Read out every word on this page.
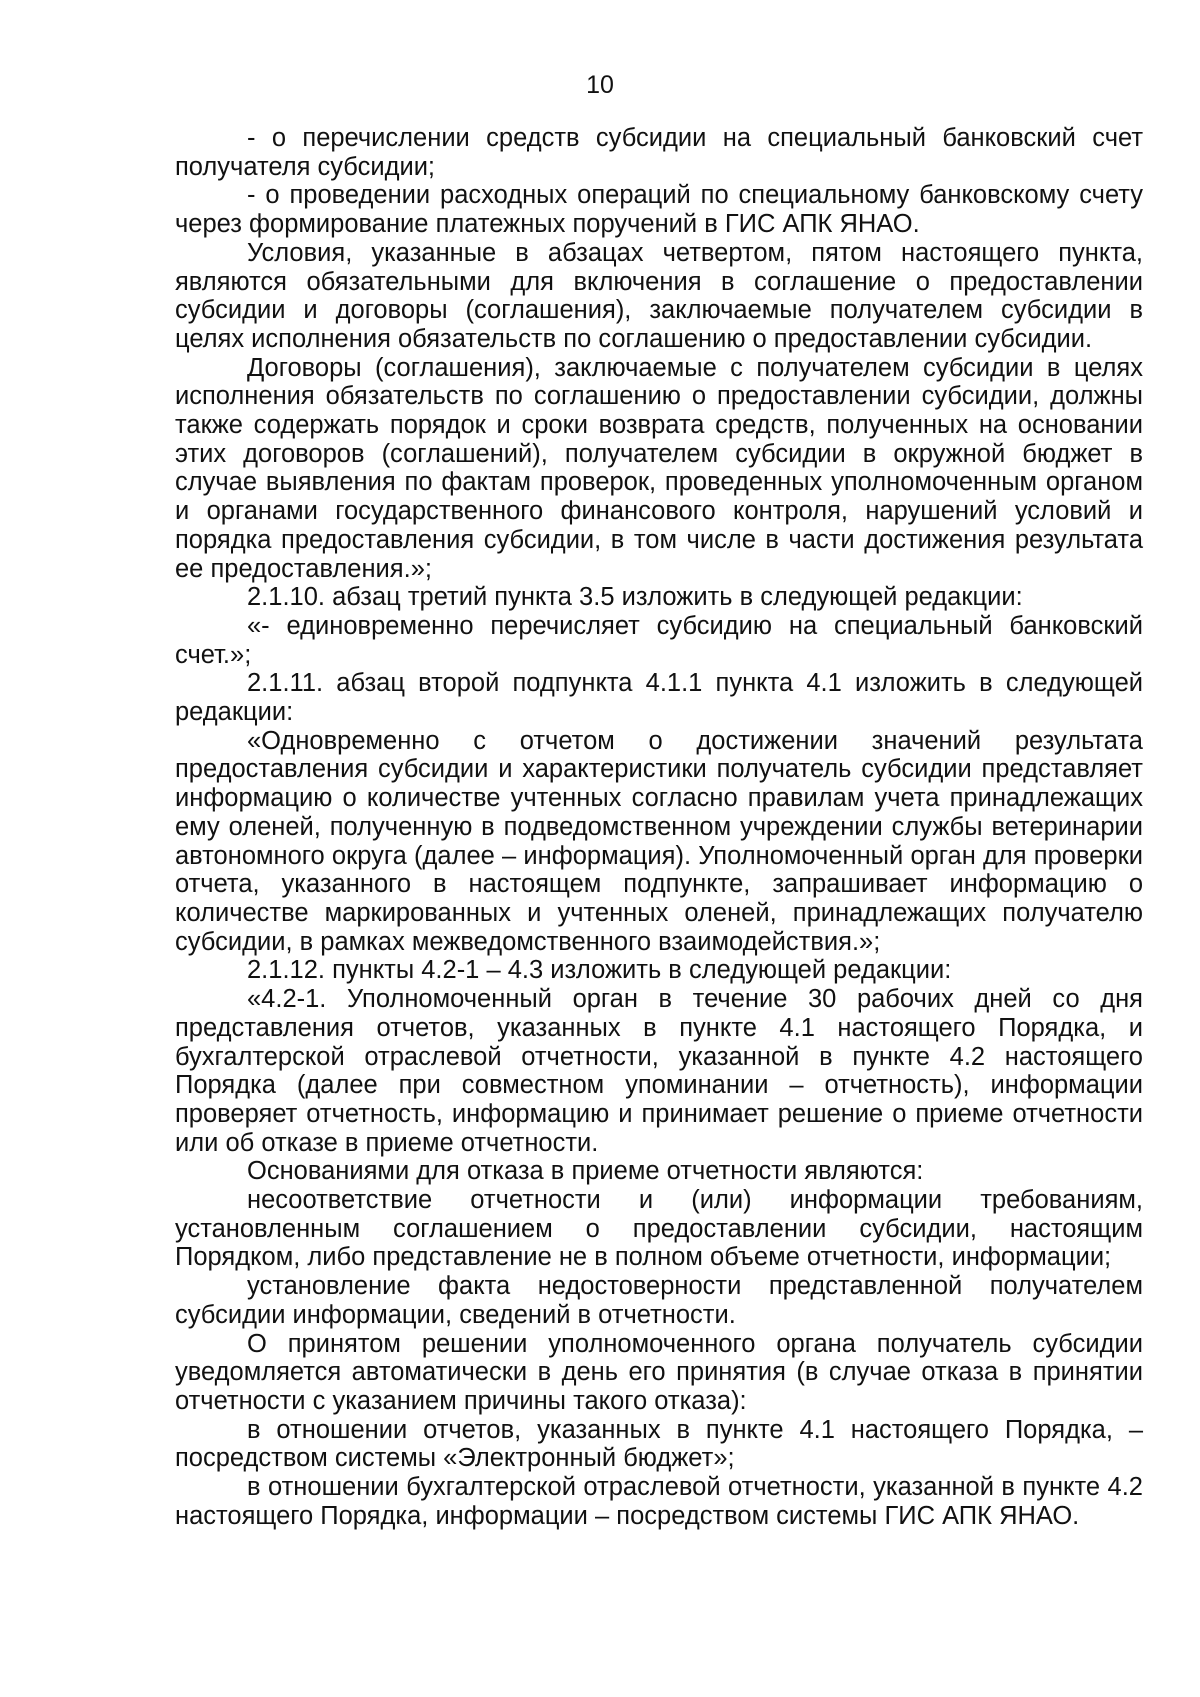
10

- о перечислении средств субсидии на специальный банковский счет получателя субсидии;

- о проведении расходных операций по специальному банковскому счету через формирование платежных поручений в ГИС АПК ЯНАО.

Условия, указанные в абзацах четвертом, пятом настоящего пункта, являются обязательными для включения в соглашение о предоставлении субсидии и договоры (соглашения), заключаемые получателем субсидии в целях исполнения обязательств по соглашению о предоставлении субсидии.

Договоры (соглашения), заключаемые с получателем субсидии в целях исполнения обязательств по соглашению о предоставлении субсидии, должны также содержать порядок и сроки возврата средств, полученных на основании этих договоров (соглашений), получателем субсидии в окружной бюджет в случае выявления по фактам проверок, проведенных уполномоченным органом и органами государственного финансового контроля, нарушений условий и порядка предоставления субсидии, в том числе в части достижения результата ее предоставления.»;

2.1.10. абзац третий пункта 3.5 изложить в следующей редакции:

«- единовременно перечисляет субсидию на специальный банковский счет.»;

2.1.11. абзац второй подпункта 4.1.1 пункта 4.1 изложить в следующей редакции:

«Одновременно с отчетом о достижении значений результата предоставления субсидии и характеристики получатель субсидии представляет информацию о количестве учтенных согласно правилам учета принадлежащих ему оленей, полученную в подведомственном учреждении службы ветеринарии автономного округа (далее – информация). Уполномоченный орган для проверки отчета, указанного в настоящем подпункте, запрашивает информацию о количестве маркированных и учтенных оленей, принадлежащих получателю субсидии, в рамках межведомственного взаимодействия.»;

2.1.12. пункты 4.2-1 – 4.3 изложить в следующей редакции:

«4.2-1. Уполномоченный орган в течение 30 рабочих дней со дня представления отчетов, указанных в пункте 4.1 настоящего Порядка, и бухгалтерской отраслевой отчетности, указанной в пункте 4.2 настоящего Порядка (далее при совместном упоминании – отчетность), информации проверяет отчетность, информацию и принимает решение о приеме отчетности или об отказе в приеме отчетности.

Основаниями для отказа в приеме отчетности являются:

несоответствие отчетности и (или) информации требованиям, установленным соглашением о предоставлении субсидии, настоящим Порядком, либо представление не в полном объеме отчетности, информации;

установление факта недостоверности представленной получателем субсидии информации, сведений в отчетности.

О принятом решении уполномоченного органа получатель субсидии уведомляется автоматически в день его принятия (в случае отказа в принятии отчетности с указанием причины такого отказа):

в отношении отчетов, указанных в пункте 4.1 настоящего Порядка, – посредством системы «Электронный бюджет»;

в отношении бухгалтерской отраслевой отчетности, указанной в пункте 4.2 настоящего Порядка, информации – посредством системы ГИС АПК ЯНАО.
